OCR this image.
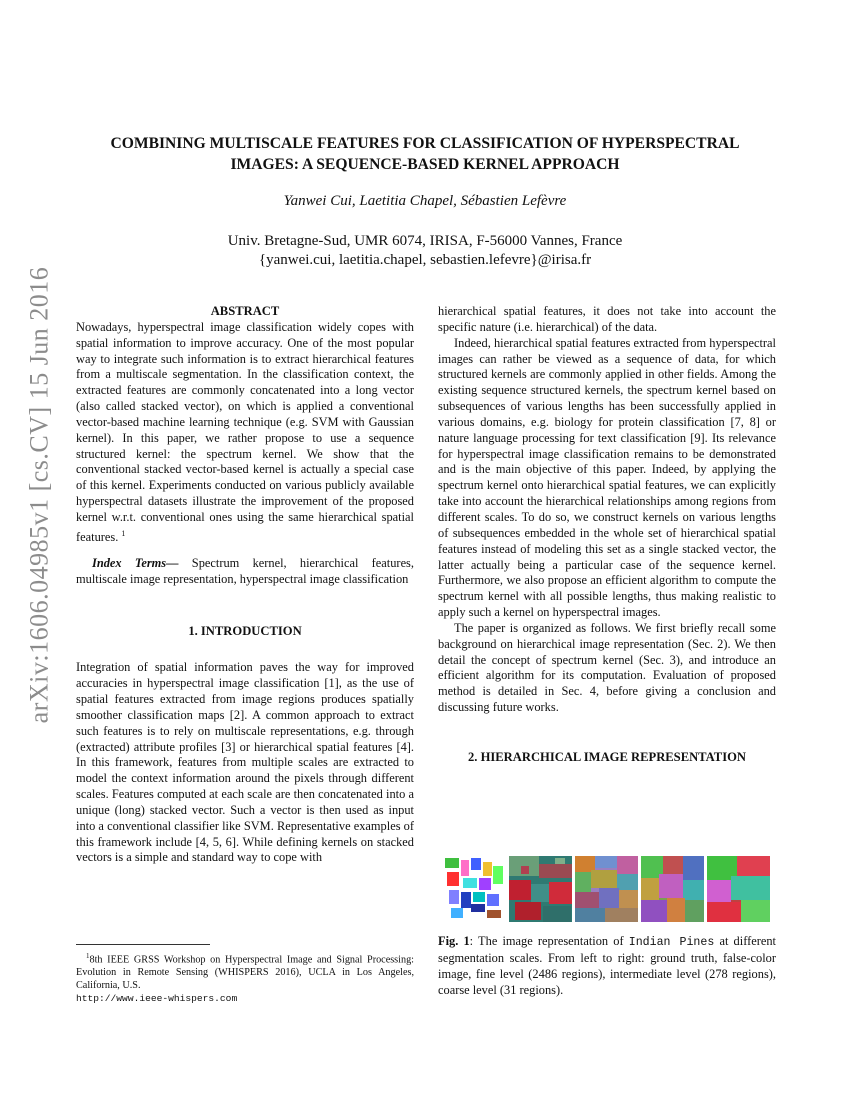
arXiv:1606.04985v1 [cs.CV] 15 Jun 2016
COMBINING MULTISCALE FEATURES FOR CLASSIFICATION OF HYPERSPECTRAL
IMAGES: A SEQUENCE-BASED KERNEL APPROACH
Yanwei Cui, Laetitia Chapel, Sébastien Lefèvre
Univ. Bretagne-Sud, UMR 6074, IRISA, F-56000 Vannes, France
{yanwei.cui, laetitia.chapel, sebastien.lefevre}@irisa.fr

ABSTRACT

Nowadays, hyperspectral image classification widely copes with spatial information to improve accuracy. One of the most popular way to integrate such information is to extract hierarchical features from a multiscale segmentation. In the classification context, the extracted features are commonly concatenated into a long vector (also called stacked vector), on which is applied a conventional vector-based machine learning technique (e.g. SVM with Gaussian kernel). In this paper, we rather propose to use a sequence structured kernel: the spectrum kernel. We show that the conventional stacked vector-based kernel is actually a special case of this kernel. Experiments conducted on various publicly available hyperspectral datasets illustrate the improvement of the proposed kernel w.r.t. conventional ones using the same hierarchical spatial features. $^1$

Index Terms— Spectrum kernel, hierarchical features, multiscale image representation, hyperspectral image classification

1. INTRODUCTION

Integration of spatial information paves the way for improved accuracies in hyperspectral image classification [1], as the use of spatial features extracted from image regions produces spatially smoother classification maps [2]. A common approach to extract such features is to rely on multiscale representations, e.g. through (extracted) attribute profiles [3] or hierarchical spatial features [4]. In this framework, features from multiple scales are extracted to model the context information around the pixels through different scales. Features computed at each scale are then concatenated into a unique (long) stacked vector. Such a vector is then used as input into a conventional classifier like SVM. Representative examples of this framework include [4, 5, 6]. While defining kernels on stacked vectors is a simple and standard way to cope with

$^1$8th IEEE GRSS Workshop on Hyperspectral Image and Signal Processing: Evolution in Remote Sensing (WHISPERS 2016), UCLA in Los Angeles, California, U.S.

http://www.ieee-whispers.com

hierarchical spatial features, it does not take into account the specific nature (i.e. hierarchical) of the data.

Indeed, hierarchical spatial features extracted from hyperspectral images can rather be viewed as a sequence of data, for which structured kernels are commonly applied in other fields. Among the existing sequence structured kernels, the spectrum kernel based on subsequences of various lengths has been successfully applied in various domains, e.g. biology for protein classification [7, 8] or nature language processing for text classification [9]. Its relevance for hyperspectral image classification remains to be demonstrated and is the main objective of this paper. Indeed, by applying the spectrum kernel onto hierarchical spatial features, we can explicitly take into account the hierarchical relationships among regions from different scales. To do so, we construct kernels on various lengths of subsequences embedded in the whole set of hierarchical spatial features instead of modeling this set as a single stacked vector, the latter actually being a particular case of the sequence kernel. Furthermore, we also propose an efficient algorithm to compute the spectrum kernel with all possible lengths, thus making realistic to apply such a kernel on hyperspectral images.

The paper is organized as follows. We first briefly recall some background on hierarchical image representation (Sec. 2). We then detail the concept of spectrum kernel (Sec. 3), and introduce an efficient algorithm for its computation. Evaluation of proposed method is detailed in Sec. 4, before giving a conclusion and discussing future works.

2. HIERARCHICAL IMAGE REPRESENTATION

Fig. 1: The image representation of Indian Pines at different segmentation scales. From left to right: ground truth, false-color image, fine level (2486 regions), intermediate level (278 regions), coarse level (31 regions).
